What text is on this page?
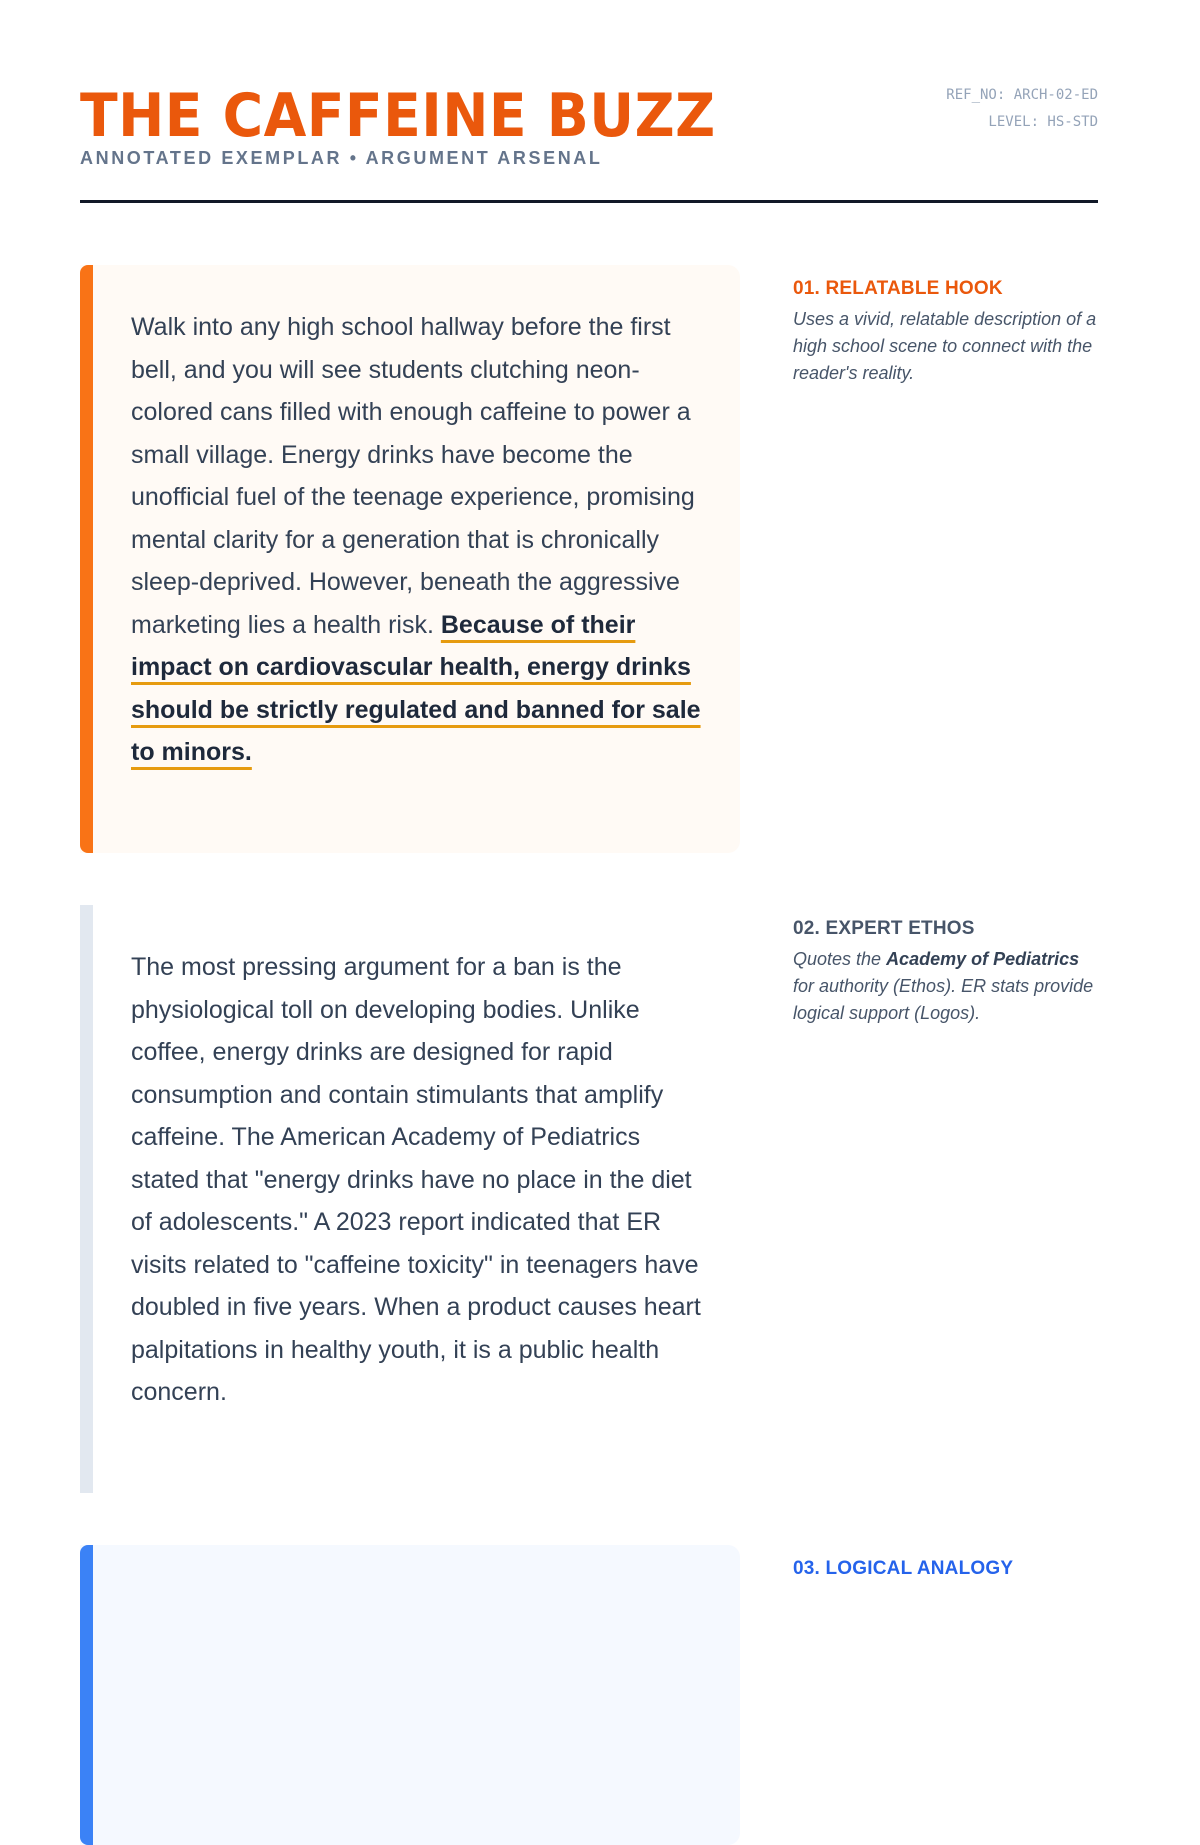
THE CAFFEINE BUZZ
ANNOTATED EXEMPLAR • ARGUMENT ARSENAL
REF_NO: ARCH-02-ED
LEVEL: HS-STD
Walk into any high school hallway before the first bell, and you will see students clutching neon-colored cans filled with enough caffeine to power a small village. Energy drinks have become the unofficial fuel of the teenage experience, promising mental clarity for a generation that is chronically sleep-deprived. However, beneath the aggressive marketing lies a health risk. Because of their impact on cardiovascular health, energy drinks should be strictly regulated and banned for sale to minors.
01. RELATABLE HOOK
Uses a vivid, relatable description of a high school scene to connect with the reader's reality.
The most pressing argument for a ban is the physiological toll on developing bodies. Unlike coffee, energy drinks are designed for rapid consumption and contain stimulants that amplify caffeine. The American Academy of Pediatrics stated that "energy drinks have no place in the diet of adolescents." A 2023 report indicated that ER visits related to "caffeine toxicity" in teenagers have doubled in five years. When a product causes heart palpitations in healthy youth, it is a public health concern.
02. EXPERT ETHOS
Quotes the Academy of Pediatrics for authority (Ethos). ER stats provide logical support (Logos).
03. LOGICAL ANALOGY
